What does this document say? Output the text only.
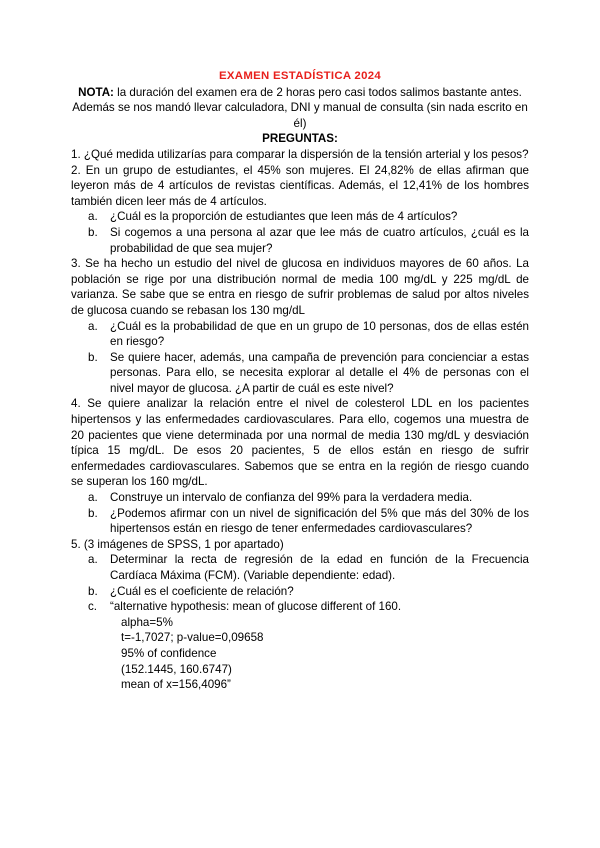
EXAMEN ESTADÍSTICA 2024
NOTA: la duración del examen era de 2 horas pero casi todos salimos bastante antes.
Además se nos mandó llevar calculadora, DNI y manual de consulta (sin nada escrito en él)
PREGUNTAS:
1. ¿Qué medida utilizarías para comparar la dispersión de la tensión arterial y los pesos?
2. En un grupo de estudiantes, el 45% son mujeres. El 24,82% de ellas afirman que leyeron más de 4 artículos de revistas científicas. Además, el 12,41% de los hombres también dicen leer más de 4 artículos.
a.	¿Cuál es la proporción de estudiantes que leen más de 4 artículos?
b.	Si cogemos a una persona al azar que lee más de cuatro artículos, ¿cuál es la probabilidad de que sea mujer?
3. Se ha hecho un estudio del nivel de glucosa en individuos mayores de 60 años. La población se rige por una distribución normal de media 100 mg/dL y 225 mg/dL de varianza. Se sabe que se entra en riesgo de sufrir problemas de salud por altos niveles de glucosa cuando se rebasan los 130 mg/dL
a.	¿Cuál es la probabilidad de que en un grupo de 10 personas, dos de ellas estén en riesgo?
b.	Se quiere hacer, además, una campaña de prevención para concienciar a estas personas. Para ello, se necesita explorar al detalle el 4% de personas con el nivel mayor de glucosa. ¿A partir de cuál es este nivel?
4. Se quiere analizar la relación entre el nivel de colesterol LDL en los pacientes hipertensos y las enfermedades cardiovasculares. Para ello, cogemos una muestra de 20 pacientes que viene determinada por una normal de media 130 mg/dL y desviación típica 15 mg/dL. De esos 20 pacientes, 5 de ellos están en riesgo de sufrir enfermedades cardiovasculares. Sabemos que se entra en la región de riesgo cuando se superan los 160 mg/dL.
a.	Construye un intervalo de confianza del 99% para la verdadera media.
b.	¿Podemos afirmar con un nivel de significación del 5% que más del 30% de los hipertensos están en riesgo de tener enfermedades cardiovasculares?
5. (3 imágenes de SPSS, 1 por apartado)
a.	Determinar la recta de regresión de la edad en función de la Frecuencia Cardíaca Máxima (FCM). (Variable dependiente: edad).
b.	¿Cuál es el coeficiente de relación?
c.	“alternative hypothesis: mean of glucose different of 160.
alpha=5%
t=-1,7027; p-value=0,09658
95% of confidence
(152.1445, 160.6747)
mean of x=156,4096”
